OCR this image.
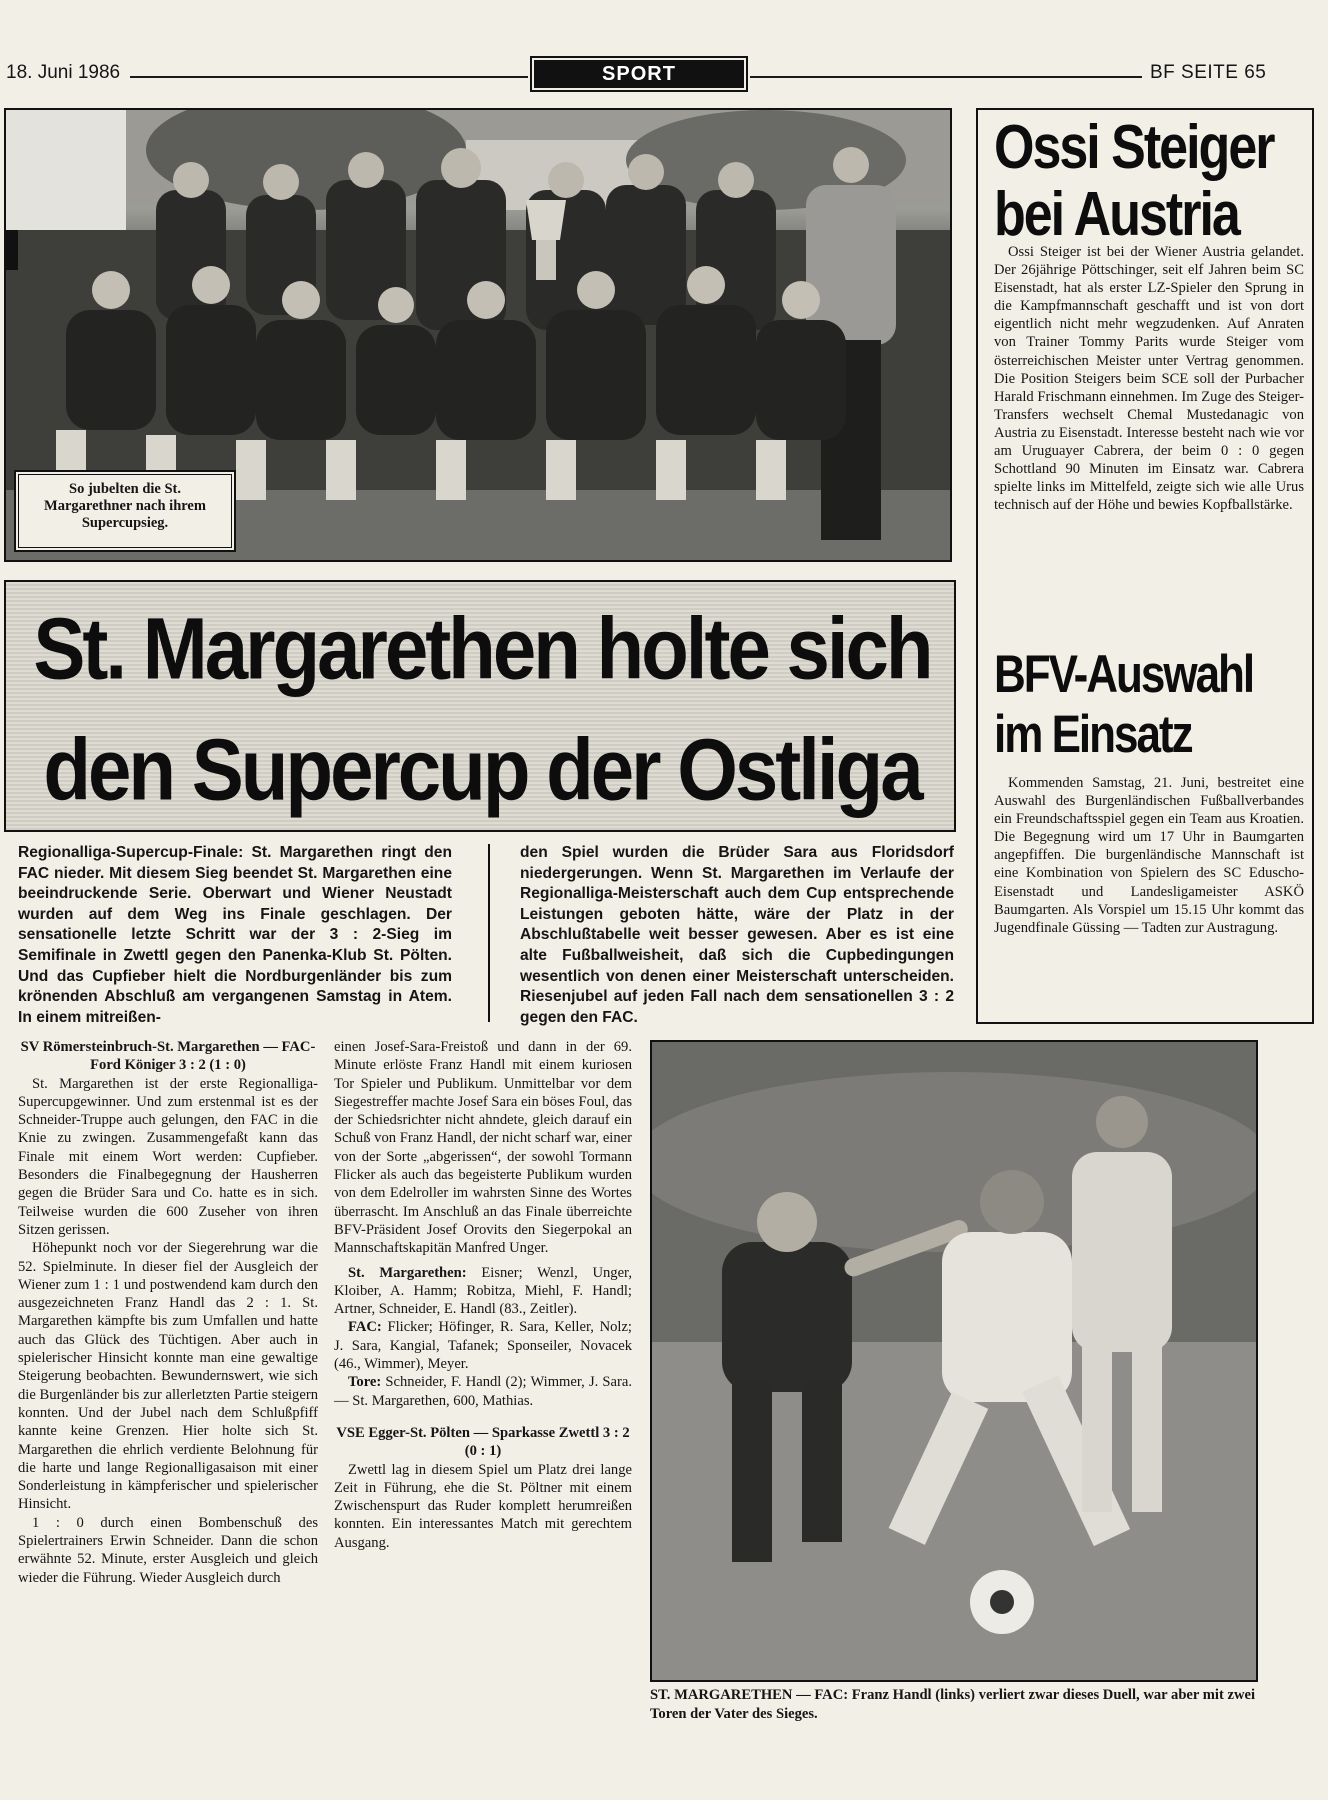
18. Juni 1986	SPORT	BF SEITE 65
So jubelten die St. Margarethner nach ihrem Supercupsieg.
St. Margarethen holte sich
den Supercup der Ostliga
Regionalliga-Supercup-Finale: St. Margarethen ringt den FAC nieder. Mit diesem Sieg beendet St. Margarethen eine beeindruckende Serie. Oberwart und Wiener Neustadt wurden auf dem Weg ins Finale geschlagen. Der sensationelle letzte Schritt war der 3 : 2-Sieg im Semifinale in Zwettl gegen den Panenka-Klub St. Pölten. Und das Cupfieber hielt die Nordburgenländer bis zum krönenden Abschluß am vergangenen Samstag in Atem. In einem mitreißen-
den Spiel wurden die Brüder Sara aus Floridsdorf niedergerungen. Wenn St. Margarethen im Verlaufe der Regionalliga-Meisterschaft auch dem Cup entsprechende Leistungen geboten hätte, wäre der Platz in der Abschlußtabelle weit besser gewesen. Aber es ist eine alte Fußballweisheit, daß sich die Cupbedingungen wesentlich von denen einer Meisterschaft unterscheiden. Riesenjubel auf jeden Fall nach dem sensationellen 3 : 2 gegen den FAC.

SV Römersteinbruch-St. Margarethen — FAC-Ford Königer 3 : 2 (1 : 0)

St. Margarethen ist der erste Regionalliga-Supercupgewinner. Und zum erstenmal ist es der Schneider-Truppe auch gelungen, den FAC in die Knie zu zwingen. Zusammengefaßt kann das Finale mit einem Wort werden: Cupfieber. Besonders die Finalbegegnung der Hausherren gegen die Brüder Sara und Co. hatte es in sich. Teilweise wurden die 600 Zuseher von ihren Sitzen gerissen.

Höhepunkt noch vor der Siegerehrung war die 52. Spielminute. In dieser fiel der Ausgleich der Wiener zum 1 : 1 und postwendend kam durch den ausgezeichneten Franz Handl das 2 : 1. St. Margarethen kämpfte bis zum Umfallen und hatte auch das Glück des Tüchtigen. Aber auch in spielerischer Hinsicht konnte man eine gewaltige Steigerung beobachten. Bewundernswert, wie sich die Burgenländer bis zur allerletzten Partie steigern konnten. Und der Jubel nach dem Schlußpfiff kannte keine Grenzen. Hier holte sich St. Margarethen die ehrlich verdiente Belohnung für die harte und lange Regionalligasaison mit einer Sonderleistung in kämpferischer und spielerischer Hinsicht.

1 : 0 durch einen Bombenschuß des Spielertrainers Erwin Schneider. Dann die schon erwähnte 52. Minute, erster Ausgleich und gleich wieder die Führung. Wieder Ausgleich durch

einen Josef-Sara-Freistoß und dann in der 69. Minute erlöste Franz Handl mit einem kuriosen Tor Spieler und Publikum. Unmittelbar vor dem Siegestreffer machte Josef Sara ein böses Foul, das der Schiedsrichter nicht ahndete, gleich darauf ein Schuß von Franz Handl, der nicht scharf war, einer von der Sorte „abgerissen“, der sowohl Tormann Flicker als auch das begeisterte Publikum wurden von dem Edelroller im wahrsten Sinne des Wortes überrascht. Im Anschluß an das Finale überreichte BFV-Präsident Josef Orovits den Siegerpokal an Mannschaftskapitän Manfred Unger.

St. Margarethen: Eisner; Wenzl, Unger, Kloiber, A. Hamm; Robitza, Miehl, F. Handl; Artner, Schneider, E. Handl (83., Zeitler).

FAC: Flicker; Höfinger, R. Sara, Keller, Nolz; J. Sara, Kangial, Tafanek; Sponseiler, Novacek (46., Wimmer), Meyer.

Tore: Schneider, F. Handl (2); Wimmer, J. Sara. — St. Margarethen, 600, Mathias.

VSE Egger-St. Pölten — Sparkasse Zwettl 3 : 2 (0 : 1)

Zwettl lag in diesem Spiel um Platz drei lange Zeit in Führung, ehe die St. Pöltner mit einem Zwischenspurt das Ruder komplett herumreißen konnten. Ein interessantes Match mit gerechtem Ausgang.

ST. MARGARETHEN — FAC: Franz Handl (links) verliert zwar dieses Duell, war aber mit zwei Toren der Vater des Sieges.
Ossi Steiger
bei Austria

Ossi Steiger ist bei der Wiener Austria gelandet. Der 26jährige Pöttschinger, seit elf Jahren beim SC Eisenstadt, hat als erster LZ-Spieler den Sprung in die Kampfmannschaft geschafft und ist von dort eigentlich nicht mehr wegzudenken. Auf Anraten von Trainer Tommy Parits wurde Steiger vom österreichischen Meister unter Vertrag genommen. Die Position Steigers beim SCE soll der Purbacher Harald Frischmann einnehmen. Im Zuge des Steiger-Transfers wechselt Chemal Mustedanagic von Austria zu Eisenstadt. Interesse besteht nach wie vor am Uruguayer Cabrera, der beim 0 : 0 gegen Schottland 90 Minuten im Einsatz war. Cabrera spielte links im Mittelfeld, zeigte sich wie alle Urus technisch auf der Höhe und bewies Kopfballstärke.

BFV-Auswahl
im Einsatz

Kommenden Samstag, 21. Juni, bestreitet eine Auswahl des Burgenländischen Fußballverbandes ein Freundschaftsspiel gegen ein Team aus Kroatien. Die Begegnung wird um 17 Uhr in Baumgarten angepfiffen. Die burgenländische Mannschaft ist eine Kombination von Spielern des SC Eduscho-Eisenstadt und Landesligameister ASKÖ Baumgarten. Als Vorspiel um 15.15 Uhr kommt das Jugendfinale Güssing — Tadten zur Austragung.
